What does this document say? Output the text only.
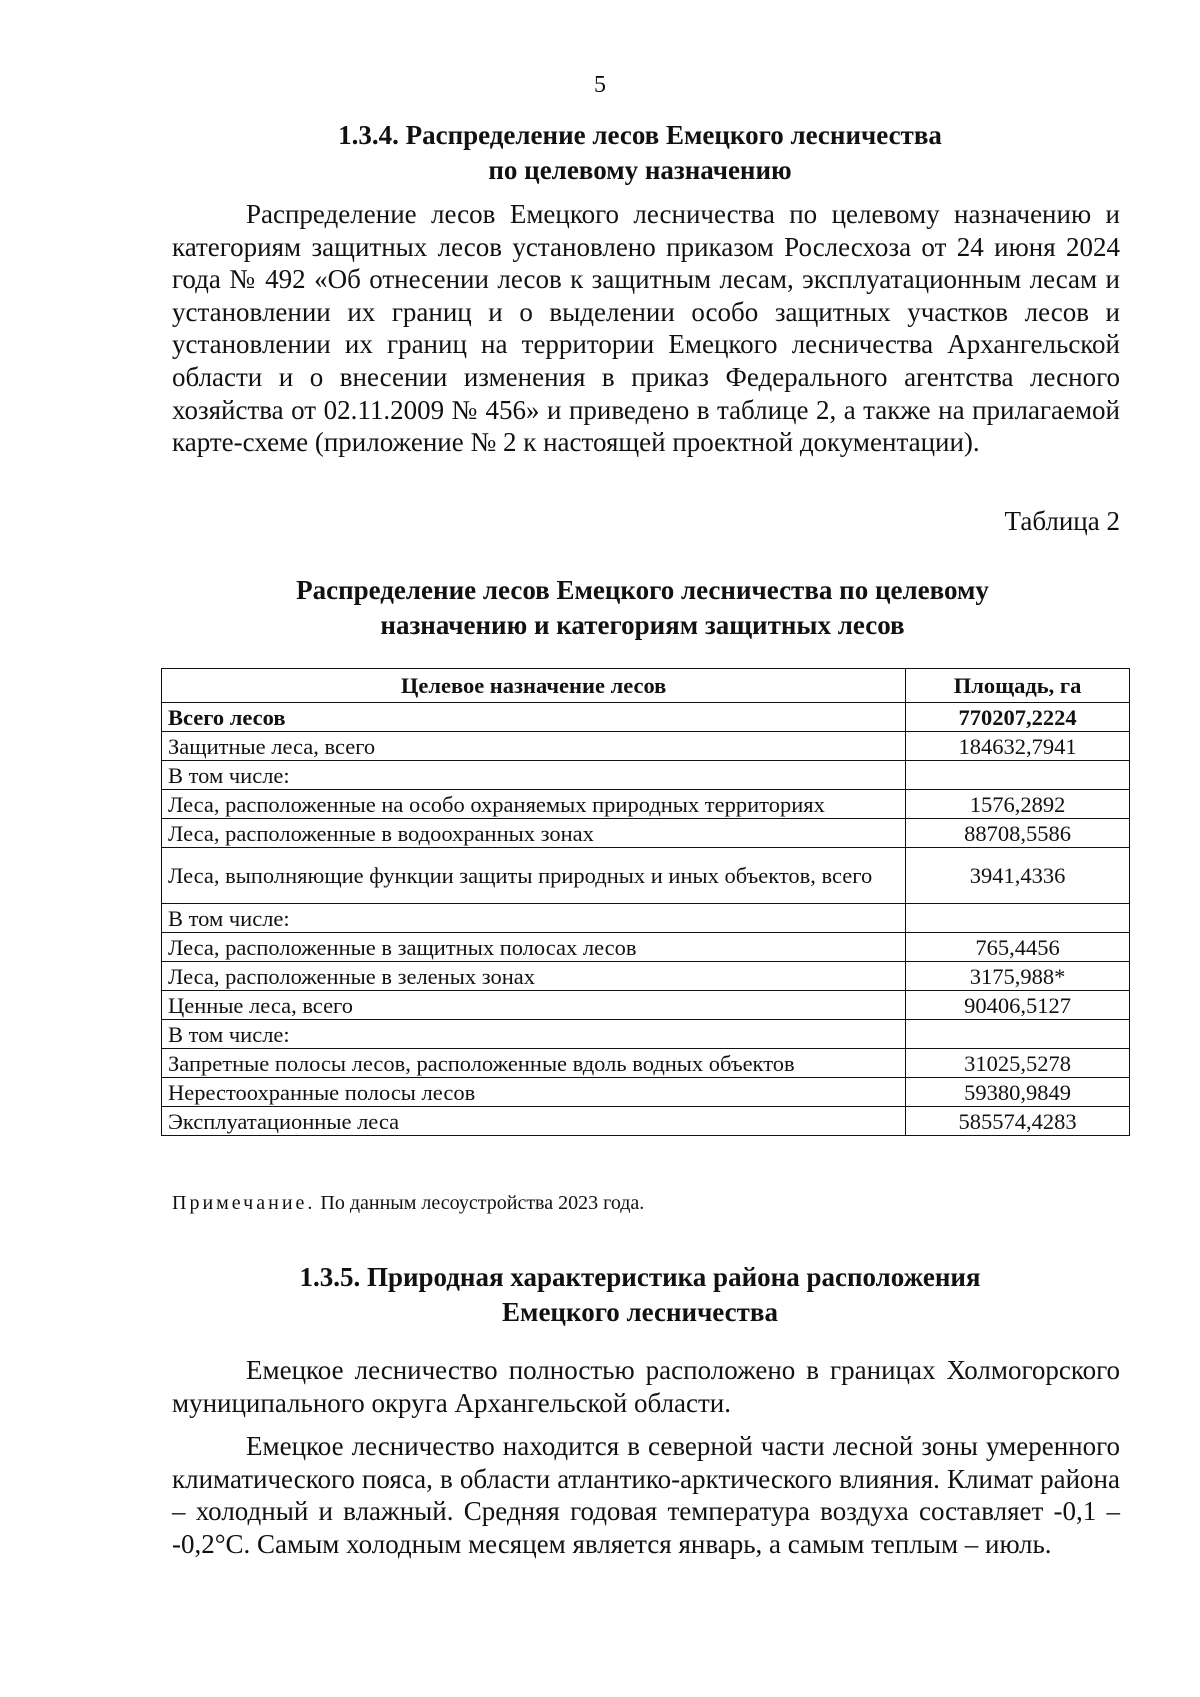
5
1.3.4. Распределение лесов Емецкого лесничества
по целевому назначению

Распределение лесов Емецкого лесничества по целевому назначению и категориям защитных лесов установлено приказом Рослесхоза от 24 июня 2024 года № 492 «Об отнесении лесов к защитным лесам, эксплуатационным лесам и установлении их границ и о выделении особо защитных участков лесов и установлении их границ на территории Емецкого лесничества Архангельской области и о внесении изменения в приказ Федерального агентства лесного хозяйства от 02.11.2009 № 456» и приведено в таблице 2, а также на прилагаемой карте-схеме (приложение № 2 к настоящей проектной документации).

Таблица 2
Распределение лесов Емецкого лесничества по целевому
назначению и категориям защитных лесов
Целевое назначение лесов	Площадь, га
Всего лесов	770207,2224
Защитные леса, всего	184632,7941
В том числе:	
Леса, расположенные на особо охраняемых природных территориях	1576,2892
Леса, расположенные в водоохранных зонах	88708,5586
Леса, выполняющие функции защиты природных и иных объектов, всего	3941,4336
В том числе:	
Леса, расположенные в защитных полосах лесов	765,4456
Леса, расположенные в зеленых зонах	3175,988*
Ценные леса, всего	90406,5127
В том числе:	
Запретные полосы лесов, расположенные вдоль водных объектов	31025,5278
Нерестоохранные полосы лесов	59380,9849
Эксплуатационные леса	585574,4283
Примечание. По данным лесоустройства 2023 года.
1.3.5. Природная характеристика района расположения
Емецкого лесничества

Емецкое лесничество полностью расположено в границах Холмогорского муниципального округа Архангельской области.

Емецкое лесничество находится в северной части лесной зоны умеренного климатического пояса, в области атлантико-арктического влияния. Климат района – холодный и влажный. Средняя годовая температура воздуха составляет -0,1 – -0,2°C. Самым холодным месяцем является январь, а самым теплым – июль.
